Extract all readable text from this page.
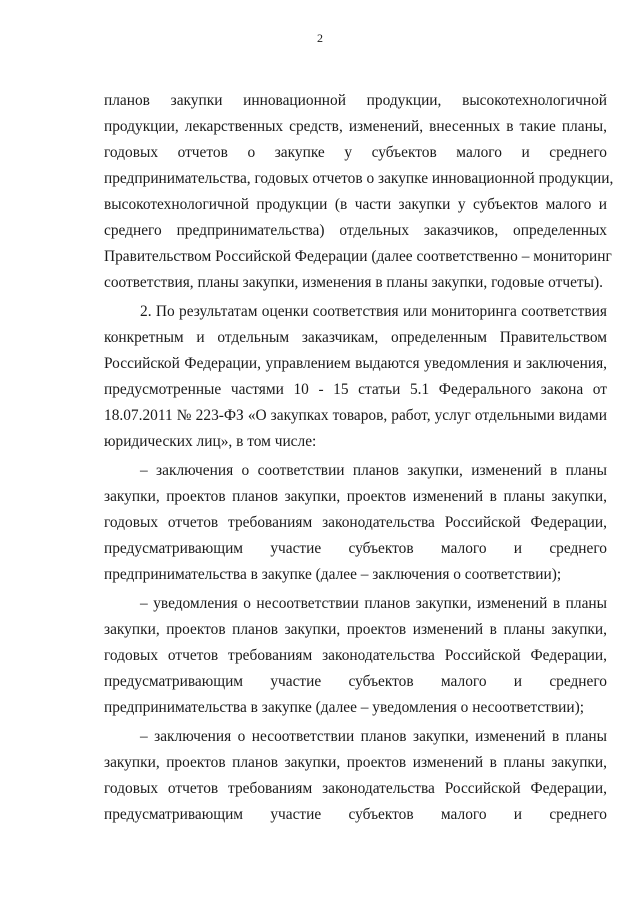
2
планов закупки инновационной продукции, высокотехнологичной
продукции, лекарственных средств, изменений, внесенных в такие планы,
годовых отчетов о закупке у субъектов малого и среднего
предпринимательства, годовых отчетов о закупке инновационной продукции,
высокотехнологичной продукции (в части закупки у субъектов малого и
среднего предпринимательства) отдельных заказчиков, определенных
Правительством Российской Федерации (далее соответственно – мониторинг
соответствия, планы закупки, изменения в планы закупки, годовые отчеты).
2. По результатам оценки соответствия или мониторинга соответствия
конкретным и отдельным заказчикам, определенным Правительством
Российской Федерации, управлением выдаются уведомления и заключения,
предусмотренные частями 10 - 15 статьи 5.1 Федерального закона от
18.07.2011 № 223-ФЗ «О закупках товаров, работ, услуг отдельными видами
юридических лиц», в том числе:
– заключения о соответствии планов закупки, изменений в планы
закупки, проектов планов закупки, проектов изменений в планы закупки,
годовых отчетов требованиям законодательства Российской Федерации,
предусматривающим участие субъектов малого и среднего
предпринимательства в закупке (далее – заключения о соответствии);
– уведомления о несоответствии планов закупки, изменений в планы
закупки, проектов планов закупки, проектов изменений в планы закупки,
годовых отчетов требованиям законодательства Российской Федерации,
предусматривающим участие субъектов малого и среднего
предпринимательства в закупке (далее – уведомления о несоответствии);
– заключения о несоответствии планов закупки, изменений в планы
закупки, проектов планов закупки, проектов изменений в планы закупки,
годовых отчетов требованиям законодательства Российской Федерации,
предусматривающим участие субъектов малого и среднего
